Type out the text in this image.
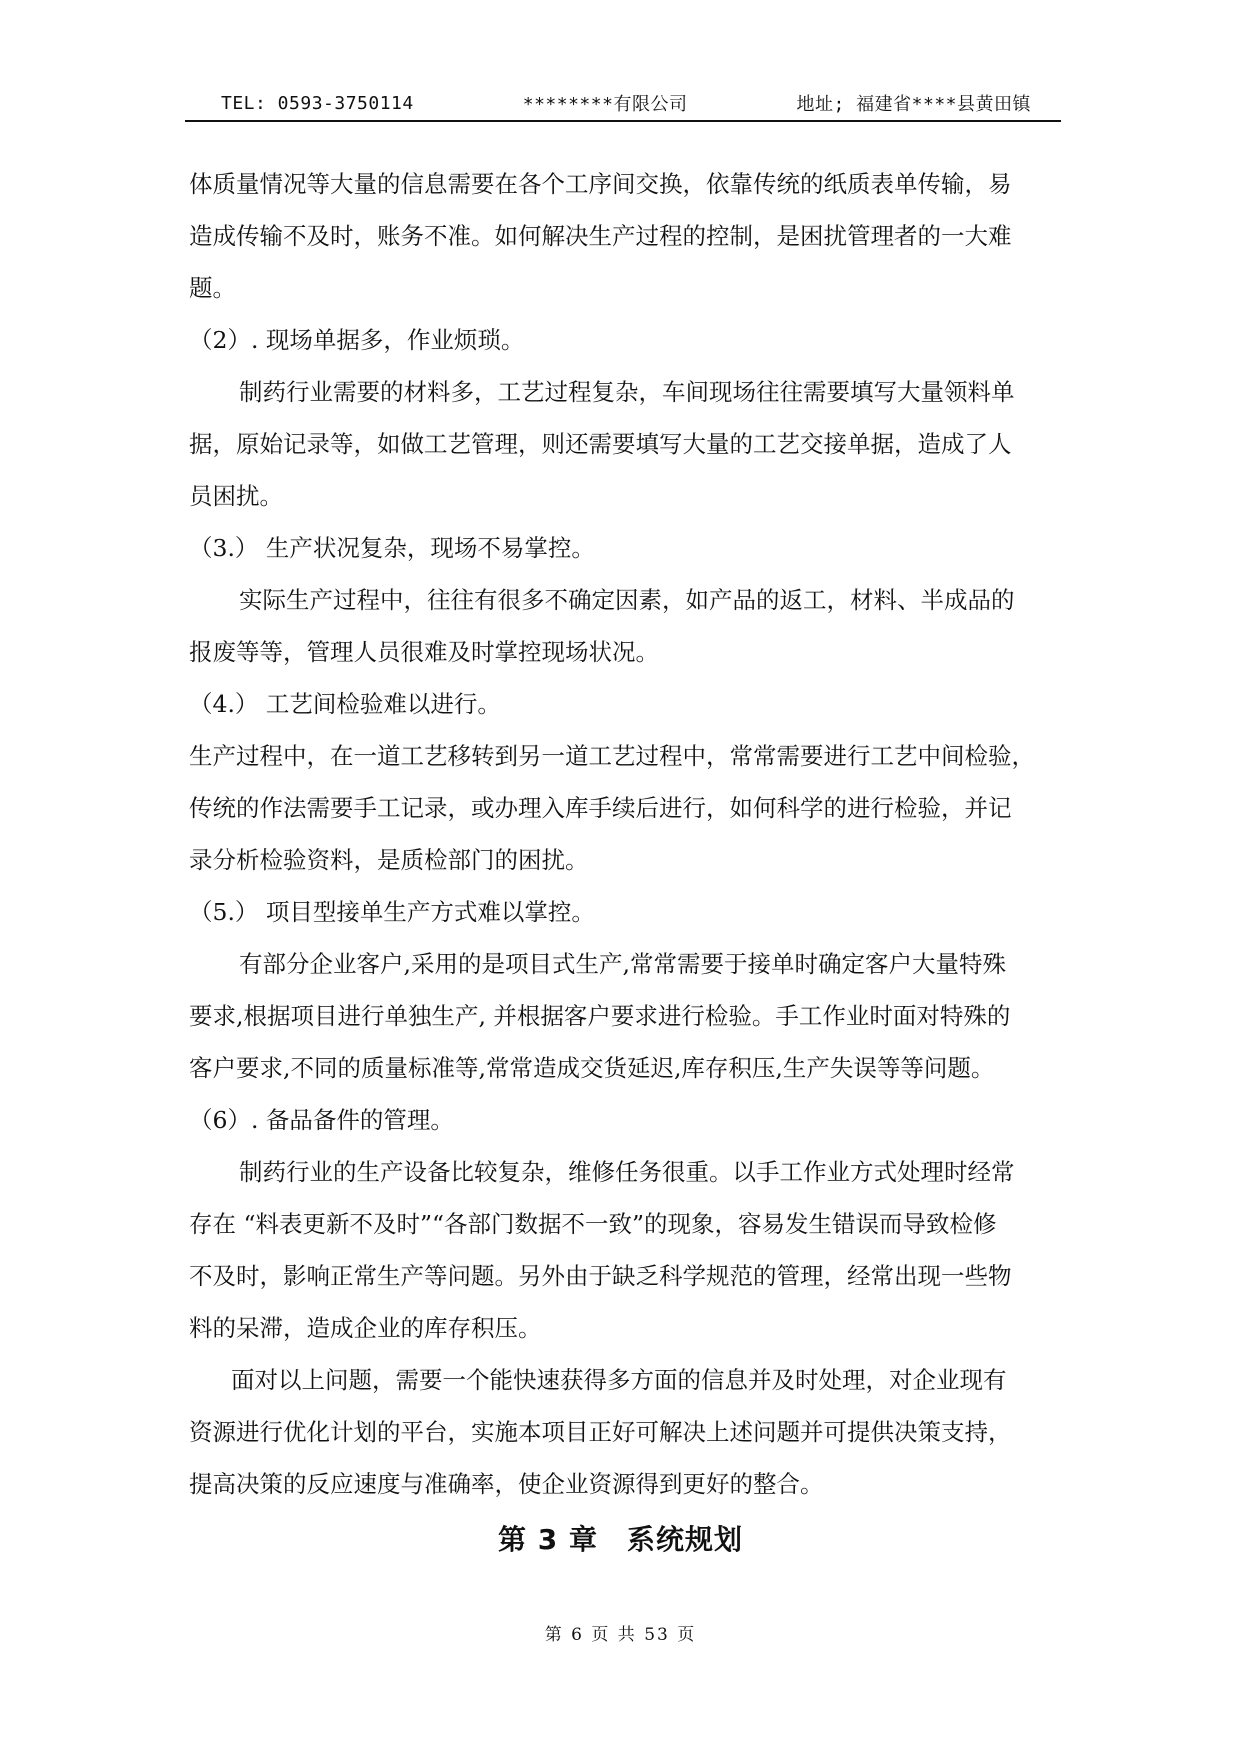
TEL: 0593-3750114	********有限公司	地址; 福建省****县黄田镇
体质量情况等大量的信息需要在各个工序间交换，依靠传统的纸质表单传输，易
造成传输不及时，账务不准。如何解决生产过程的控制，是困扰管理者的一大难
题。
（2）. 现场单据多，作业烦琐。
制药行业需要的材料多，工艺过程复杂，车间现场往往需要填写大量领料单
据，原始记录等，如做工艺管理，则还需要填写大量的工艺交接单据，造成了人
员困扰。
（3.） 生产状况复杂，现场不易掌控。
实际生产过程中，往往有很多不确定因素，如产品的返工，材料、半成品的
报废等等，管理人员很难及时掌控现场状况。
（4.） 工艺间检验难以进行。
生产过程中，在一道工艺移转到另一道工艺过程中，常常需要进行工艺中间检验，
传统的作法需要手工记录，或办理入库手续后进行，如何科学的进行检验，并记
录分析检验资料，是质检部门的困扰。
（5.） 项目型接单生产方式难以掌控。
有部分企业客户,采用的是项目式生产,常常需要于接单时确定客户大量特殊
要求,根据项目进行单独生产, 并根据客户要求进行检验。手工作业时面对特殊的
客户要求,不同的质量标准等,常常造成交货延迟,库存积压,生产失误等等问题。
（6）. 备品备件的管理。
制药行业的生产设备比较复杂，维修任务很重。以手工作业方式处理时经常
存在 “料表更新不及时”“各部门数据不一致”的现象，容易发生错误而导致检修
不及时，影响正常生产等问题。另外由于缺乏科学规范的管理，经常出现一些物
料的呆滞，造成企业的库存积压。
面对以上问题，需要一个能快速获得多方面的信息并及时处理，对企业现有
资源进行优化计划的平台，实施本项目正好可解决上述问题并可提供决策支持，
提高决策的反应速度与准确率，使企业资源得到更好的整合。
第 3 章　系统规划
第 6 页 共 53 页
